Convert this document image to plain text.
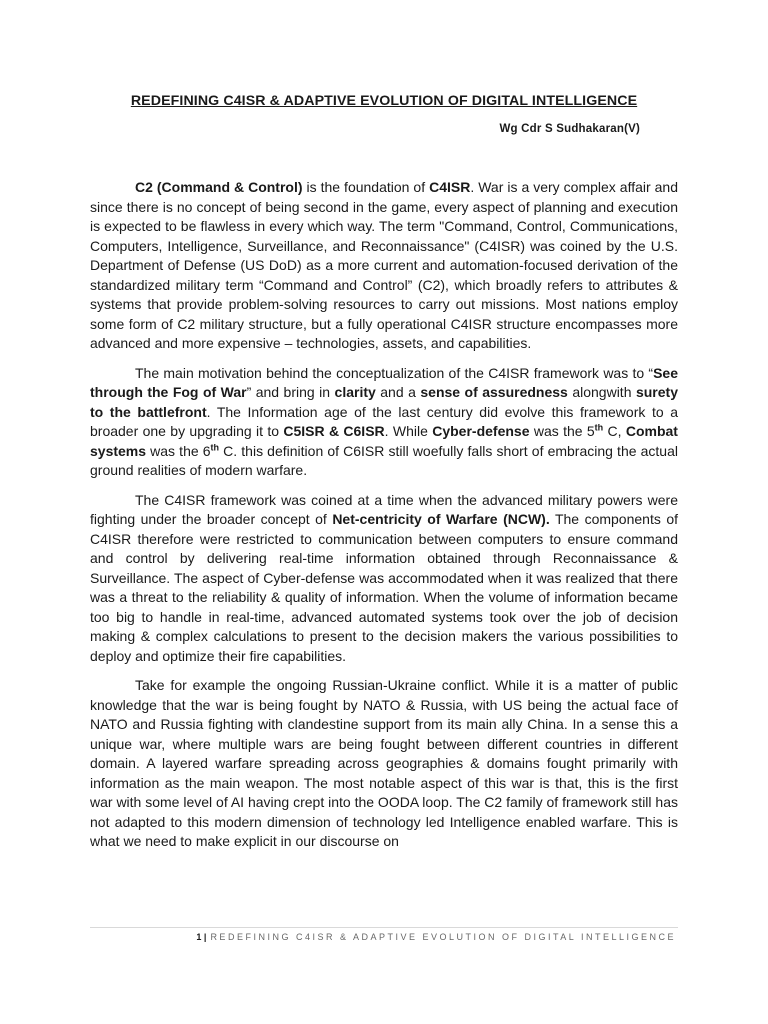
REDEFINING C4ISR & ADAPTIVE EVOLUTION OF DIGITAL INTELLIGENCE
Wg Cdr S Sudhakaran(V)

C2 (Command & Control) is the foundation of C4ISR. War is a very complex affair and since there is no concept of being second in the game, every aspect of planning and execution is expected to be flawless in every which way. The term "Command, Control, Communications, Computers, Intelligence, Surveillance, and Reconnaissance" (C4ISR) was coined by the U.S. Department of Defense (US DoD) as a more current and automation-focused derivation of the standardized military term “Command and Control” (C2), which broadly refers to attributes & systems that provide problem-solving resources to carry out missions. Most nations employ some form of C2 military structure, but a fully operational C4ISR structure encompasses more advanced and more expensive – technologies, assets, and capabilities.

The main motivation behind the conceptualization of the C4ISR framework was to “See through the Fog of War” and bring in clarity and a sense of assuredness alongwith surety to the battlefront. The Information age of the last century did evolve this framework to a broader one by upgrading it to C5ISR & C6ISR. While Cyber-defense was the 5th C, Combat systems was the 6th C. this definition of C6ISR still woefully falls short of embracing the actual ground realities of modern warfare.

The C4ISR framework was coined at a time when the advanced military powers were fighting under the broader concept of Net-centricity of Warfare (NCW). The components of C4ISR therefore were restricted to communication between computers to ensure command and control by delivering real-time information obtained through Reconnaissance & Surveillance. The aspect of Cyber-defense was accommodated when it was realized that there was a threat to the reliability & quality of information. When the volume of information became too big to handle in real-time, advanced automated systems took over the job of decision making & complex calculations to present to the decision makers the various possibilities to deploy and optimize their fire capabilities.

Take for example the ongoing Russian-Ukraine conflict. While it is a matter of public knowledge that the war is being fought by NATO & Russia, with US being the actual face of NATO and Russia fighting with clandestine support from its main ally China. In a sense this a unique war, where multiple wars are being fought between different countries in different domain. A layered warfare spreading across geographies & domains fought primarily with information as the main weapon. The most notable aspect of this war is that, this is the first war with some level of AI having crept into the OODA loop. The C2 family of framework still has not adapted to this modern dimension of technology led Intelligence enabled warfare. This is what we need to make explicit in our discourse on

1 | REDEFINING C4ISR & ADAPTIVE EVOLUTION OF DIGITAL INTELLIGENCE
